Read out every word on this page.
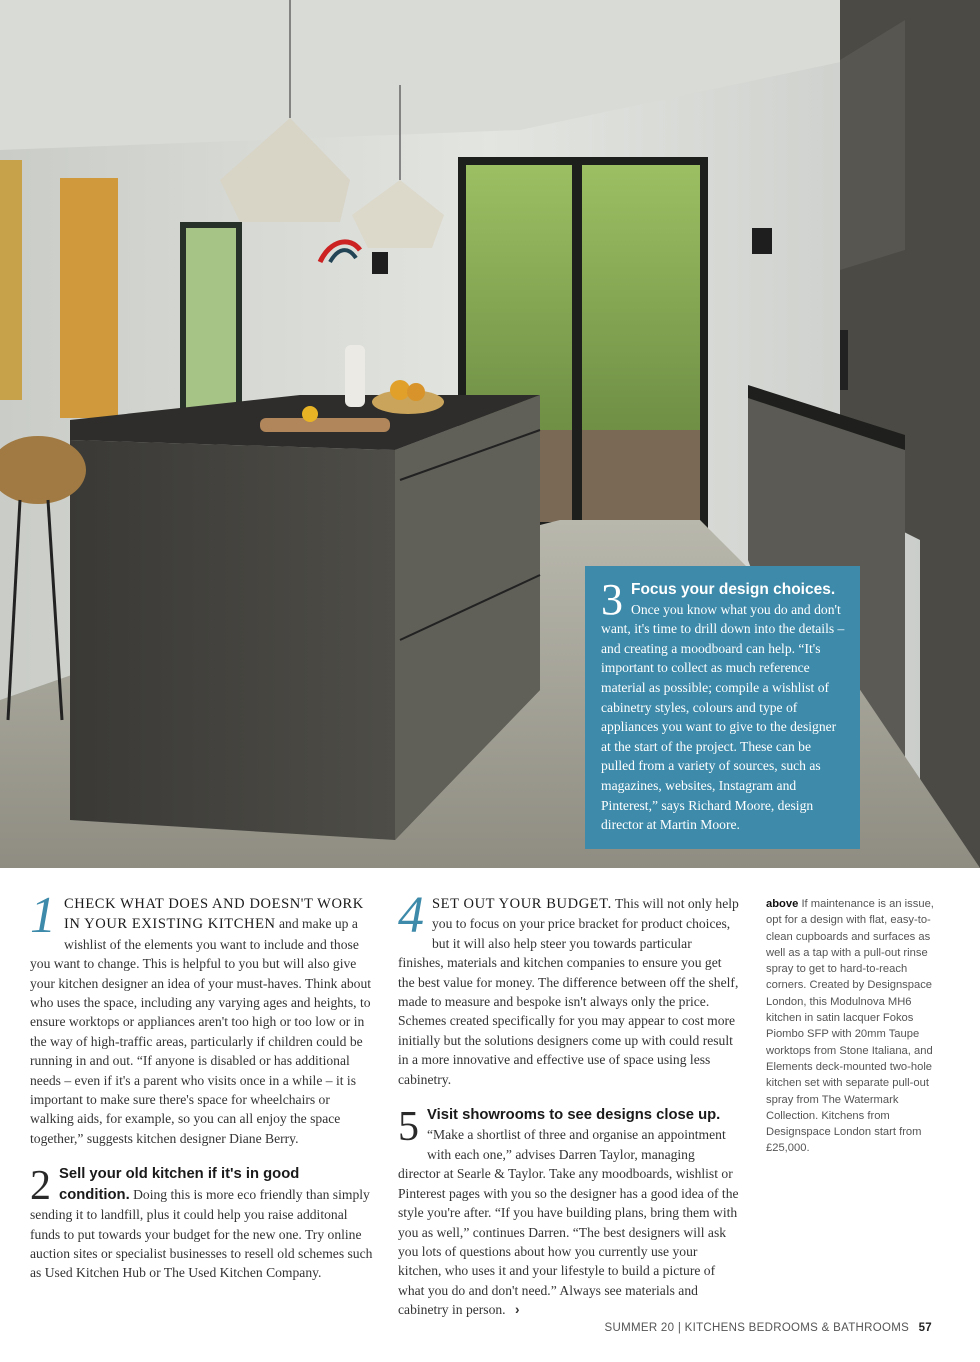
3 Focus your design choices. Once you know what you do and don't want, it's time to drill down into the details – and creating a moodboard can help. “It's important to collect as much reference material as possible; compile a wishlist of cabinetry styles, colours and type of appliances you want to give to the designer at the start of the project. These can be pulled from a variety of sources, such as magazines, websites, Instagram and Pinterest,” says Richard Moore, design director at Martin Moore.

1 CHECK WHAT DOES AND DOESN'T WORK IN YOUR EXISTING KITCHEN and make up a wishlist of the elements you want to include and those you want to change. This is helpful to you but will also give your kitchen designer an idea of your must-haves. Think about who uses the space, including any varying ages and heights, to ensure worktops or appliances aren't too high or too low or in the way of high-traffic areas, particularly if children could be running in and out. “If anyone is disabled or has additional needs – even if it's a parent who visits once in a while – it is important to make sure there's space for wheelchairs or walking aids, for example, so you can all enjoy the space together,” suggests kitchen designer Diane Berry.

2 Sell your old kitchen if it's in good condition. Doing this is more eco friendly than simply sending it to landfill, plus it could help you raise additonal funds to put towards your budget for the new one. Try online auction sites or specialist businesses to resell old schemes such as Used Kitchen Hub or The Used Kitchen Company.

4 SET OUT YOUR BUDGET. This will not only help you to focus on your price bracket for product choices, but it will also help steer you towards particular finishes, materials and kitchen companies to ensure you get the best value for money. The difference between off the shelf, made to measure and bespoke isn't always only the price. Schemes created specifically for you may appear to cost more initially but the solutions designers come up with could result in a more innovative and effective use of space using less cabinetry.

5 Visit showrooms to see designs close up. “Make a shortlist of three and organise an appointment with each one,” advises Darren Taylor, managing director at Searle & Taylor. Take any moodboards, wishlist or Pinterest pages with you so the designer has a good idea of the style you're after. “If you have building plans, bring them with you as well,” continues Darren. “The best designers will ask you lots of questions about how you currently use your kitchen, who uses it and your lifestyle to build a picture of what you do and don't need.” Always see materials and cabinetry in person. ›

above If maintenance is an issue, opt for a design with flat, easy-to-clean cupboards and surfaces as well as a tap with a pull-out rinse spray to get to hard-to-reach corners. Created by Designspace London, this Modulnova MH6 kitchen in satin lacquer Fokos Piombo SFP with 20mm Taupe worktops from Stone Italiana, and Elements deck-mounted two-hole kitchen set with separate pull-out spray from The Watermark Collection. Kitchens from Designspace London start from £25,000.
SUMMER 20 | KITCHENS BEDROOMS & BATHROOMS 57
